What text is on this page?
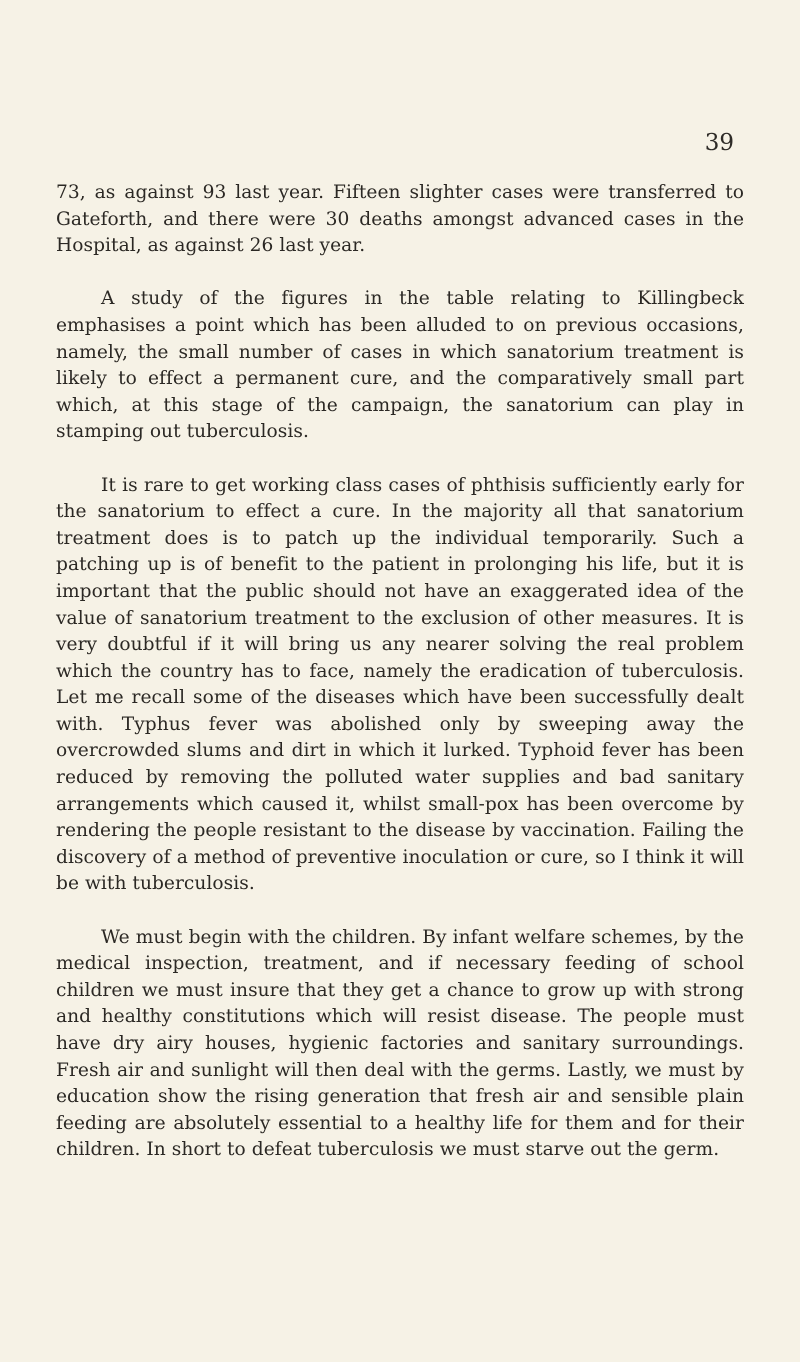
39

73, as against 93 last year. Fifteen slighter cases were transferred to Gateforth, and there were 30 deaths amongst advanced cases in the Hospital, as against 26 last year.

A study of the figures in the table relating to Killingbeck emphasises a point which has been alluded to on previous occasions, namely, the small number of cases in which sanatorium treatment is likely to effect a permanent cure, and the comparatively small part which, at this stage of the campaign, the sanatorium can play in stamping out tuberculosis.

It is rare to get working class cases of phthisis sufficiently early for the sanatorium to effect a cure. In the majority all that sanatorium treatment does is to patch up the individual temporarily. Such a patching up is of benefit to the patient in prolonging his life, but it is important that the public should not have an exaggerated idea of the value of sanatorium treatment to the exclusion of other measures. It is very doubtful if it will bring us any nearer solving the real problem which the country has to face, namely the eradication of tuberculosis. Let me recall some of the diseases which have been successfully dealt with. Typhus fever was abolished only by sweeping away the overcrowded slums and dirt in which it lurked. Typhoid fever has been reduced by removing the polluted water supplies and bad sanitary arrangements which caused it, whilst small-pox has been overcome by rendering the people resistant to the disease by vaccination. Failing the discovery of a method of preventive inoculation or cure, so I think it will be with tuberculosis.

We must begin with the children. By infant welfare schemes, by the medical inspection, treatment, and if necessary feeding of school children we must insure that they get a chance to grow up with strong and healthy constitutions which will resist disease. The people must have dry airy houses, hygienic factories and sanitary surroundings. Fresh air and sunlight will then deal with the germs. Lastly, we must by education show the rising generation that fresh air and sensible plain feeding are absolutely essential to a healthy life for them and for their children. In short to defeat tuberculosis we must starve out the germ.
